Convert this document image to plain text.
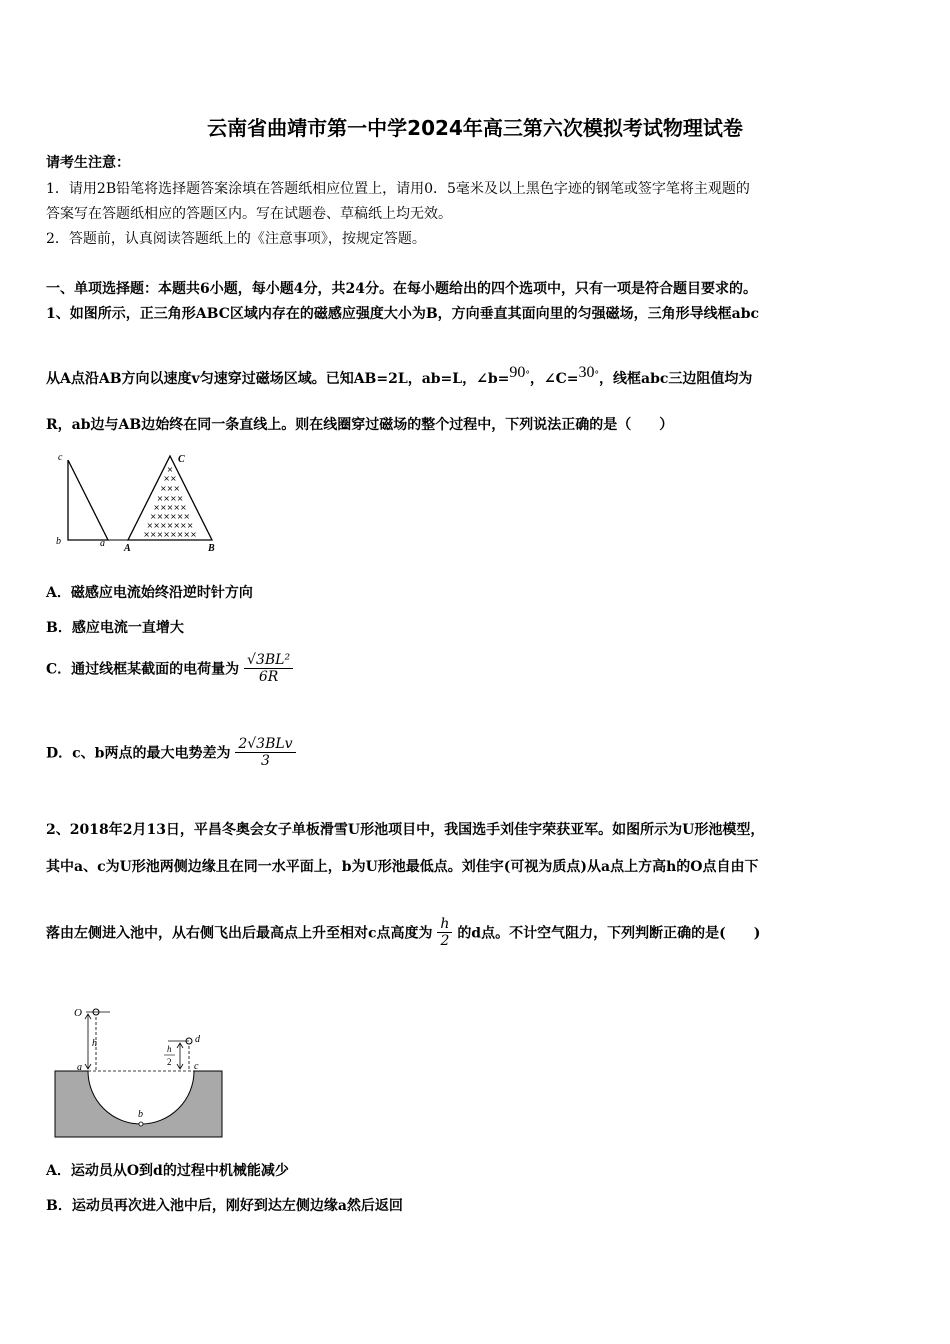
云南省曲靖市第一中学2024年高三第六次模拟考试物理试卷
请考生注意：
1．请用2B铅笔将选择题答案涂填在答题纸相应位置上，请用0．5毫米及以上黑色字迹的钢笔或签字笔将主观题的
答案写在答题纸相应的答题区内。写在试题卷、草稿纸上均无效。
2．答题前，认真阅读答题纸上的《注意事项》，按规定答题。
一、单项选择题：本题共6小题，每小题4分，共24分。在每小题给出的四个选项中，只有一项是符合题目要求的。
1、如图所示，正三角形ABC区域内存在的磁感应强度大小为B，方向垂直其面向里的匀强磁场，三角形导线框abc
从A点沿AB方向以速度v匀速穿过磁场区域。已知AB=2L，ab=L，∠b=90°，∠C=30°，线框abc三边阻值均为
R，ab边与AB边始终在同一条直线上。则在线圈穿过磁场的整个过程中，下列说法正确的是（　　）
c
b	a A	B
C
×
××
×××
××××
×××××
××××××
×××××××
××××××××
A．磁感应电流始终沿逆时针方向
B．感应电流一直增大
C．通过线框某截面的电荷量为 $\frac{\text{√3BL²}}{6R}$
D．c、b两点的最大电势差为 $\frac{\text{2√3BLv}}{3}$
2、2018年2月13日，平昌冬奥会女子单板滑雪U形池项目中，我国选手刘佳宇荣获亚军。如图所示为U形池模型，
其中a、c为U形池两侧边缘且在同一水平面上，b为U形池最低点。刘佳宇(可视为质点)从a点上方高h的O点自由下
落由左侧进入池中，从右侧飞出后最高点上升至相对c点高度为 $\frac{h}{2}$ 的d点。不计空气阻力，下列判断正确的是(　　)
O
h
a
b
c
d
h
2
A．运动员从O到d的过程中机械能减少
B．运动员再次进入池中后，刚好到达左侧边缘a然后返回
